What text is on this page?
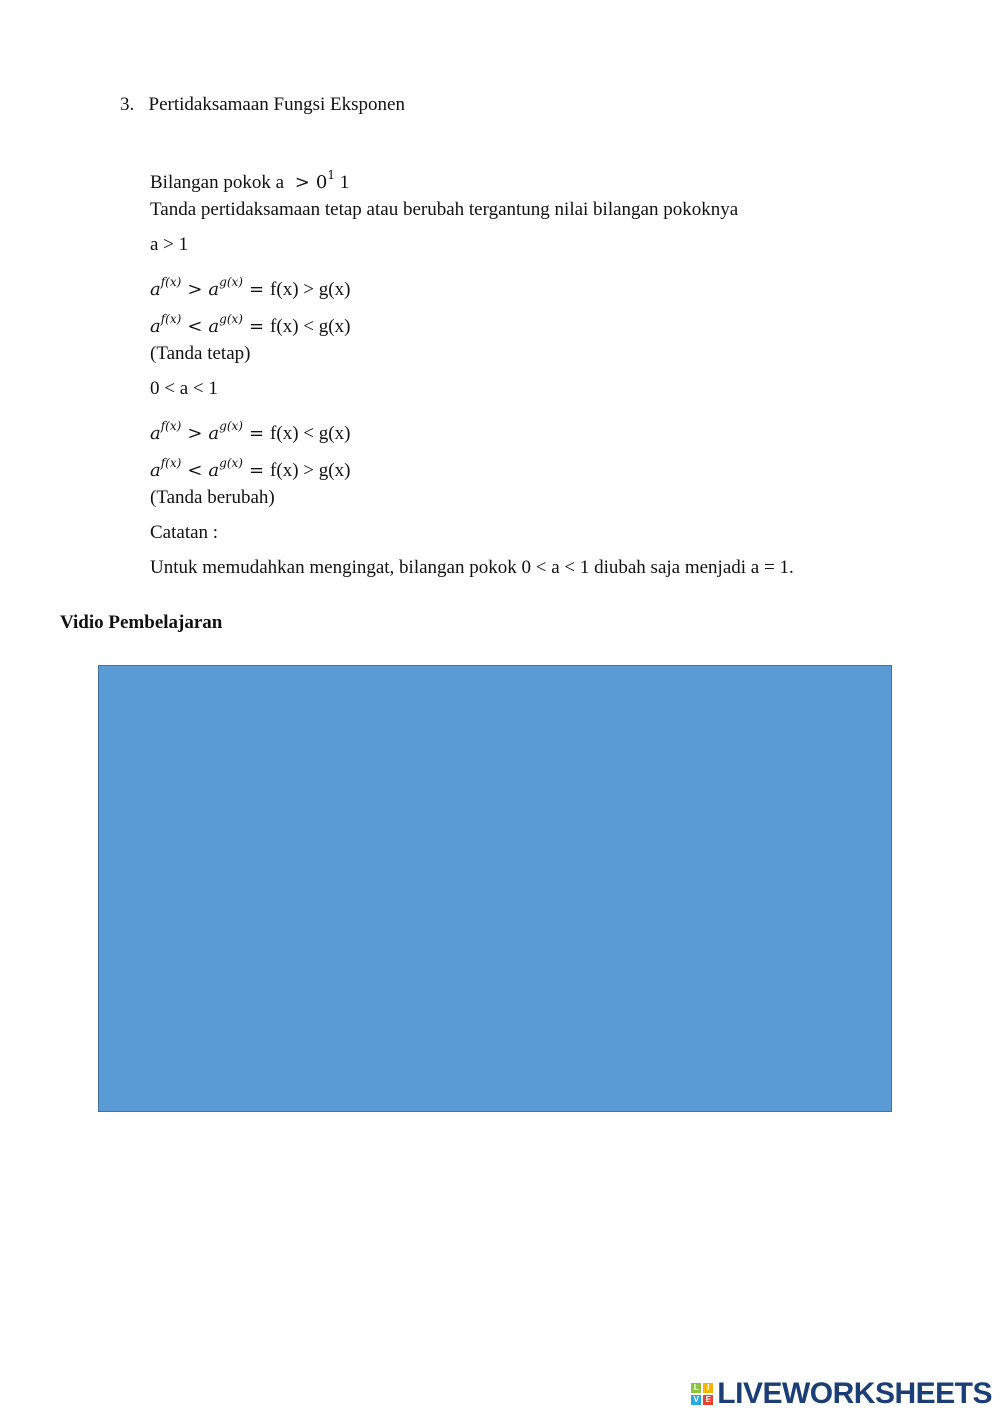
3. Pertidaksamaan Fungsi Eksponen
Bilangan pokok $a > 0^1$ 1
Tanda pertidaksamaan tetap atau berubah tergantung nilai bilangan pokoknya
a > 1
$a^{f(x)} > a^{g(x)} = f(x) > g(x)$
$a^{f(x)} < a^{g(x)} = f(x) < g(x)$
(Tanda tetap)
0 < a < 1
$a^{f(x)} > a^{g(x)} = f(x) < g(x)$
$a^{f(x)} < a^{g(x)} = f(x) > g(x)$
(Tanda berubah)
Catatan :
Untuk memudahkan mengingat, bilangan pokok 0 < a < 1 diubah saja menjadi a = 1.
Vidio Pembelajaran
L	I
V E LIVEWORKSHEETS
